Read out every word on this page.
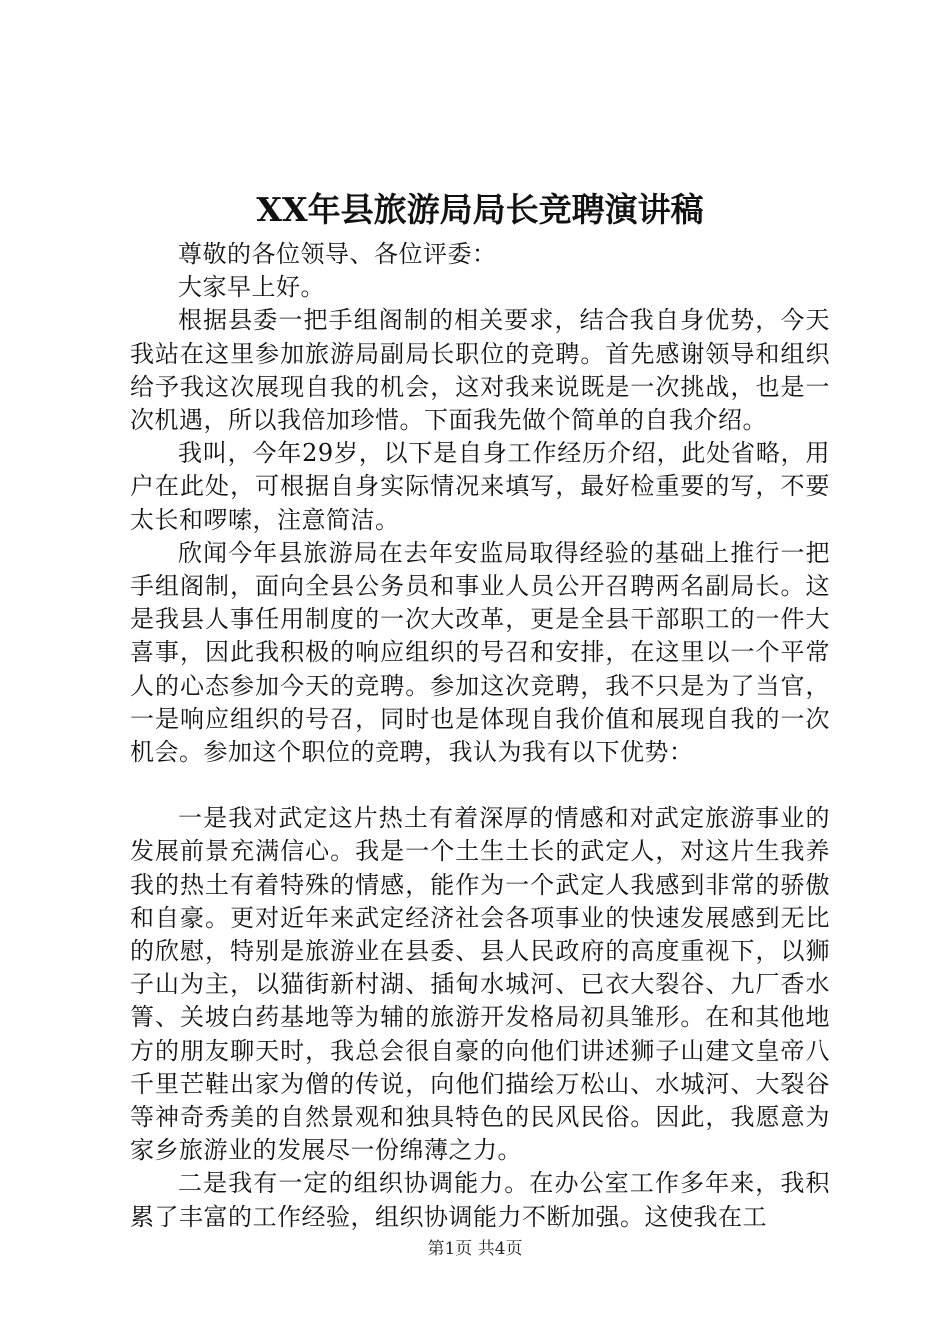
XX年县旅游局局长竞聘演讲稿

尊敬的各位领导、各位评委：

大家早上好。

根据县委一把手组阁制的相关要求，结合我自身优势，今天我站在这里参加旅游局副局长职位的竞聘。首先感谢领导和组织给予我这次展现自我的机会，这对我来说既是一次挑战，也是一次机遇，所以我倍加珍惜。下面我先做个简单的自我介绍。

我叫，今年29岁，以下是自身工作经历介绍，此处省略，用户在此处，可根据自身实际情况来填写，最好检重要的写，不要太长和啰嗦，注意简洁。

欣闻今年县旅游局在去年安监局取得经验的基础上推行一把手组阁制，面向全县公务员和事业人员公开召聘两名副局长。这是我县人事任用制度的一次大改革，更是全县干部职工的一件大喜事，因此我积极的响应组织的号召和安排，在这里以一个平常人的心态参加今天的竞聘。参加这次竞聘，我不只是为了当官，一是响应组织的号召，同时也是体现自我价值和展现自我的一次机会。参加这个职位的竞聘，我认为我有以下优势：

一是我对武定这片热土有着深厚的情感和对武定旅游事业的发展前景充满信心。我是一个土生土长的武定人，对这片生我养我的热土有着特殊的情感，能作为一个武定人我感到非常的骄傲和自豪。更对近年来武定经济社会各项事业的快速发展感到无比的欣慰，特别是旅游业在县委、县人民政府的高度重视下，以狮子山为主，以猫街新村湖、插甸水城河、已衣大裂谷、九厂香水箐、关坡白药基地等为辅的旅游开发格局初具雏形。在和其他地方的朋友聊天时，我总会很自豪的向他们讲述狮子山建文皇帝八千里芒鞋出家为僧的传说，向他们描绘万松山、水城河、大裂谷等神奇秀美的自然景观和独具特色的民风民俗。因此，我愿意为家乡旅游业的发展尽一份绵薄之力。

二是我有一定的组织协调能力。在办公室工作多年来，我积累了丰富的工作经验，组织协调能力不断加强。这使我在工

第1页 共4页
